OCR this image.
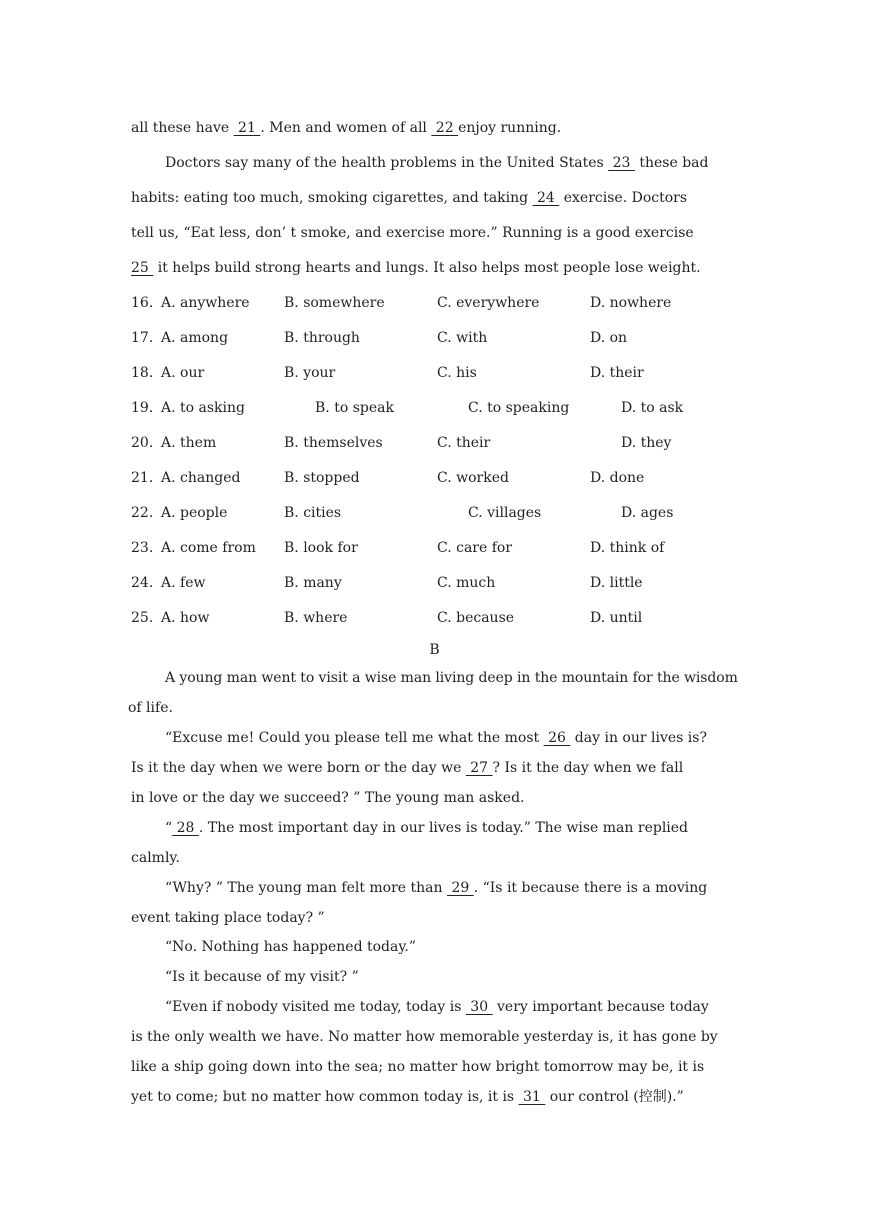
all these have  21 . Men and women of all  22 enjoy running.
Doctors say many of the health problems in the United States  23  these bad
habits: eating too much, smoking cigarettes, and taking  24  exercise. Doctors
tell us, “Eat less, don’ t smoke, and exercise more.” Running is a good exercise
25  it helps build strong hearts and lungs. It also helps most people lose weight.

16. A. anywhere B. somewhere	C. everywhere	D. nowhere

17. A. among	B. through	C. with	D. on

18. A. our	B. your	C. his	D. their

19. A. to asking	B. to speak	C. to speaking	D. to ask

20. A. them	B. themselves	C. their	D. they

21. A. changed	B. stopped	C. worked	D. done

22. A. people	B. cities	C. villages	D. ages

23. A. come from B. look for	C. care for	D. think of

24. A. few	B. many	C. much	D. little

25. A. how	B. where	C. because	D. until

B
A young man went to visit a wise man living deep in the mountain for the wisdom
of life.
“Excuse me! Could you please tell me what the most  26  day in our lives is?
Is it the day when we were born or the day we  27 ? Is it the day when we fall
in love or the day we succeed? ” The young man asked.
“ 28 . The most important day in our lives is today.” The wise man replied
calmly.
“Why? ” The young man felt more than  29 . “Is it because there is a moving
event taking place today? ”
“No. Nothing has happened today.”
“Is it because of my visit? ”
“Even if nobody visited me today, today is  30  very important because today
is the only wealth we have. No matter how memorable yesterday is, it has gone by
like a ship going down into the sea; no matter how bright tomorrow may be, it is
yet to come; but no matter how common today is, it is  31  our control (控制).”
